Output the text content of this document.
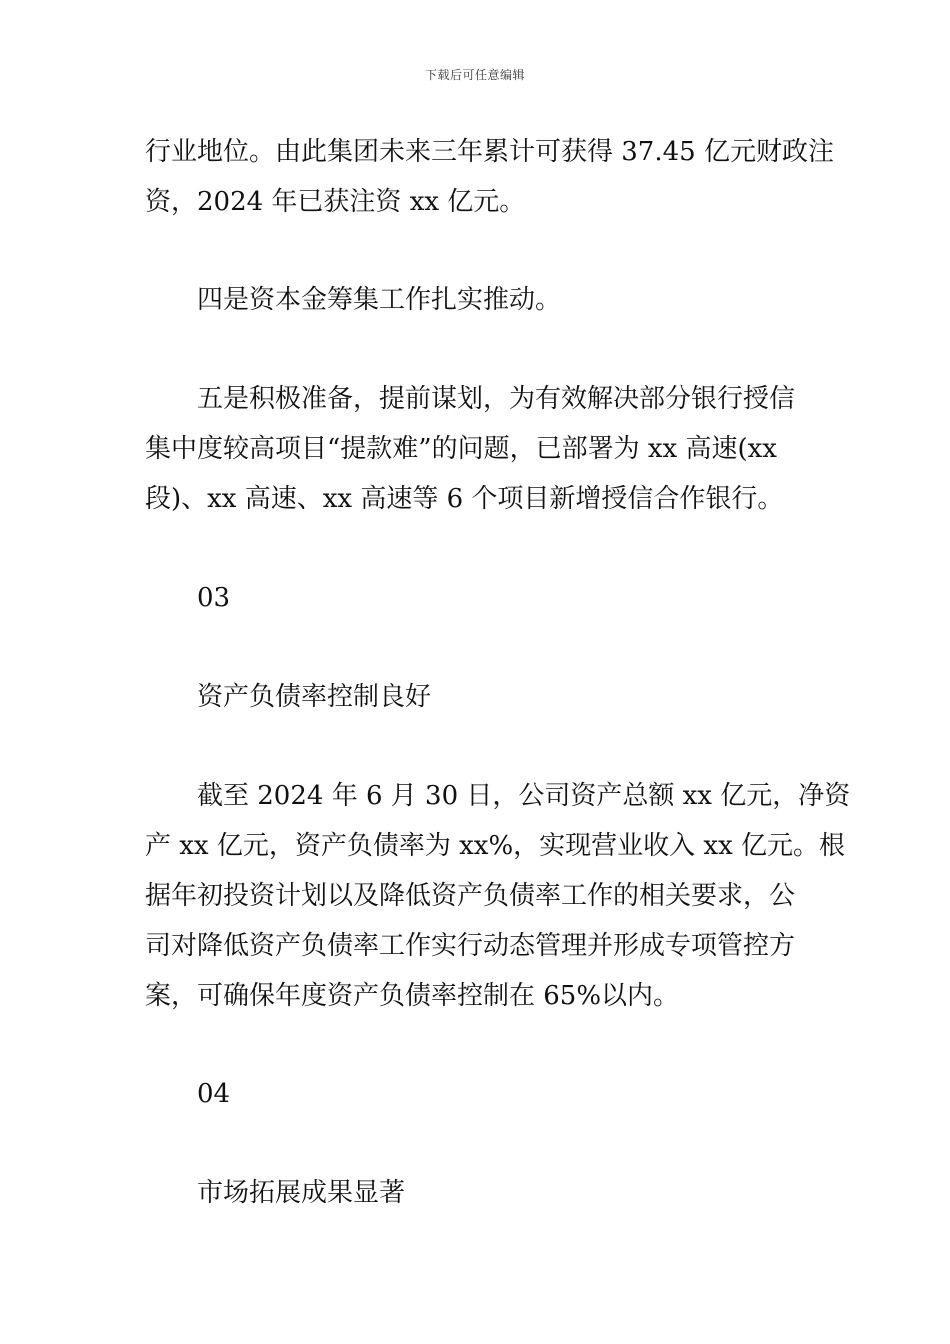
下载后可任意编辑
行业地位。由此集团未来三年累计可获得 37.45 亿元财政注
资，2024 年已获注资 xx 亿元。
四是资本金筹集工作扎实推动。
五是积极准备，提前谋划，为有效解决部分银行授信
集中度较高项目“提款难”的问题，已部署为 xx 高速(xx
段)、xx 高速、xx 高速等 6 个项目新增授信合作银行。
03
资产负债率控制良好
截至 2024 年 6 月 30 日，公司资产总额 xx 亿元，净资
产 xx 亿元，资产负债率为 xx%，实现营业收入 xx 亿元。根
据年初投资计划以及降低资产负债率工作的相关要求，公
司对降低资产负债率工作实行动态管理并形成专项管控方
案，可确保年度资产负债率控制在 65%以内。
04
市场拓展成果显著
